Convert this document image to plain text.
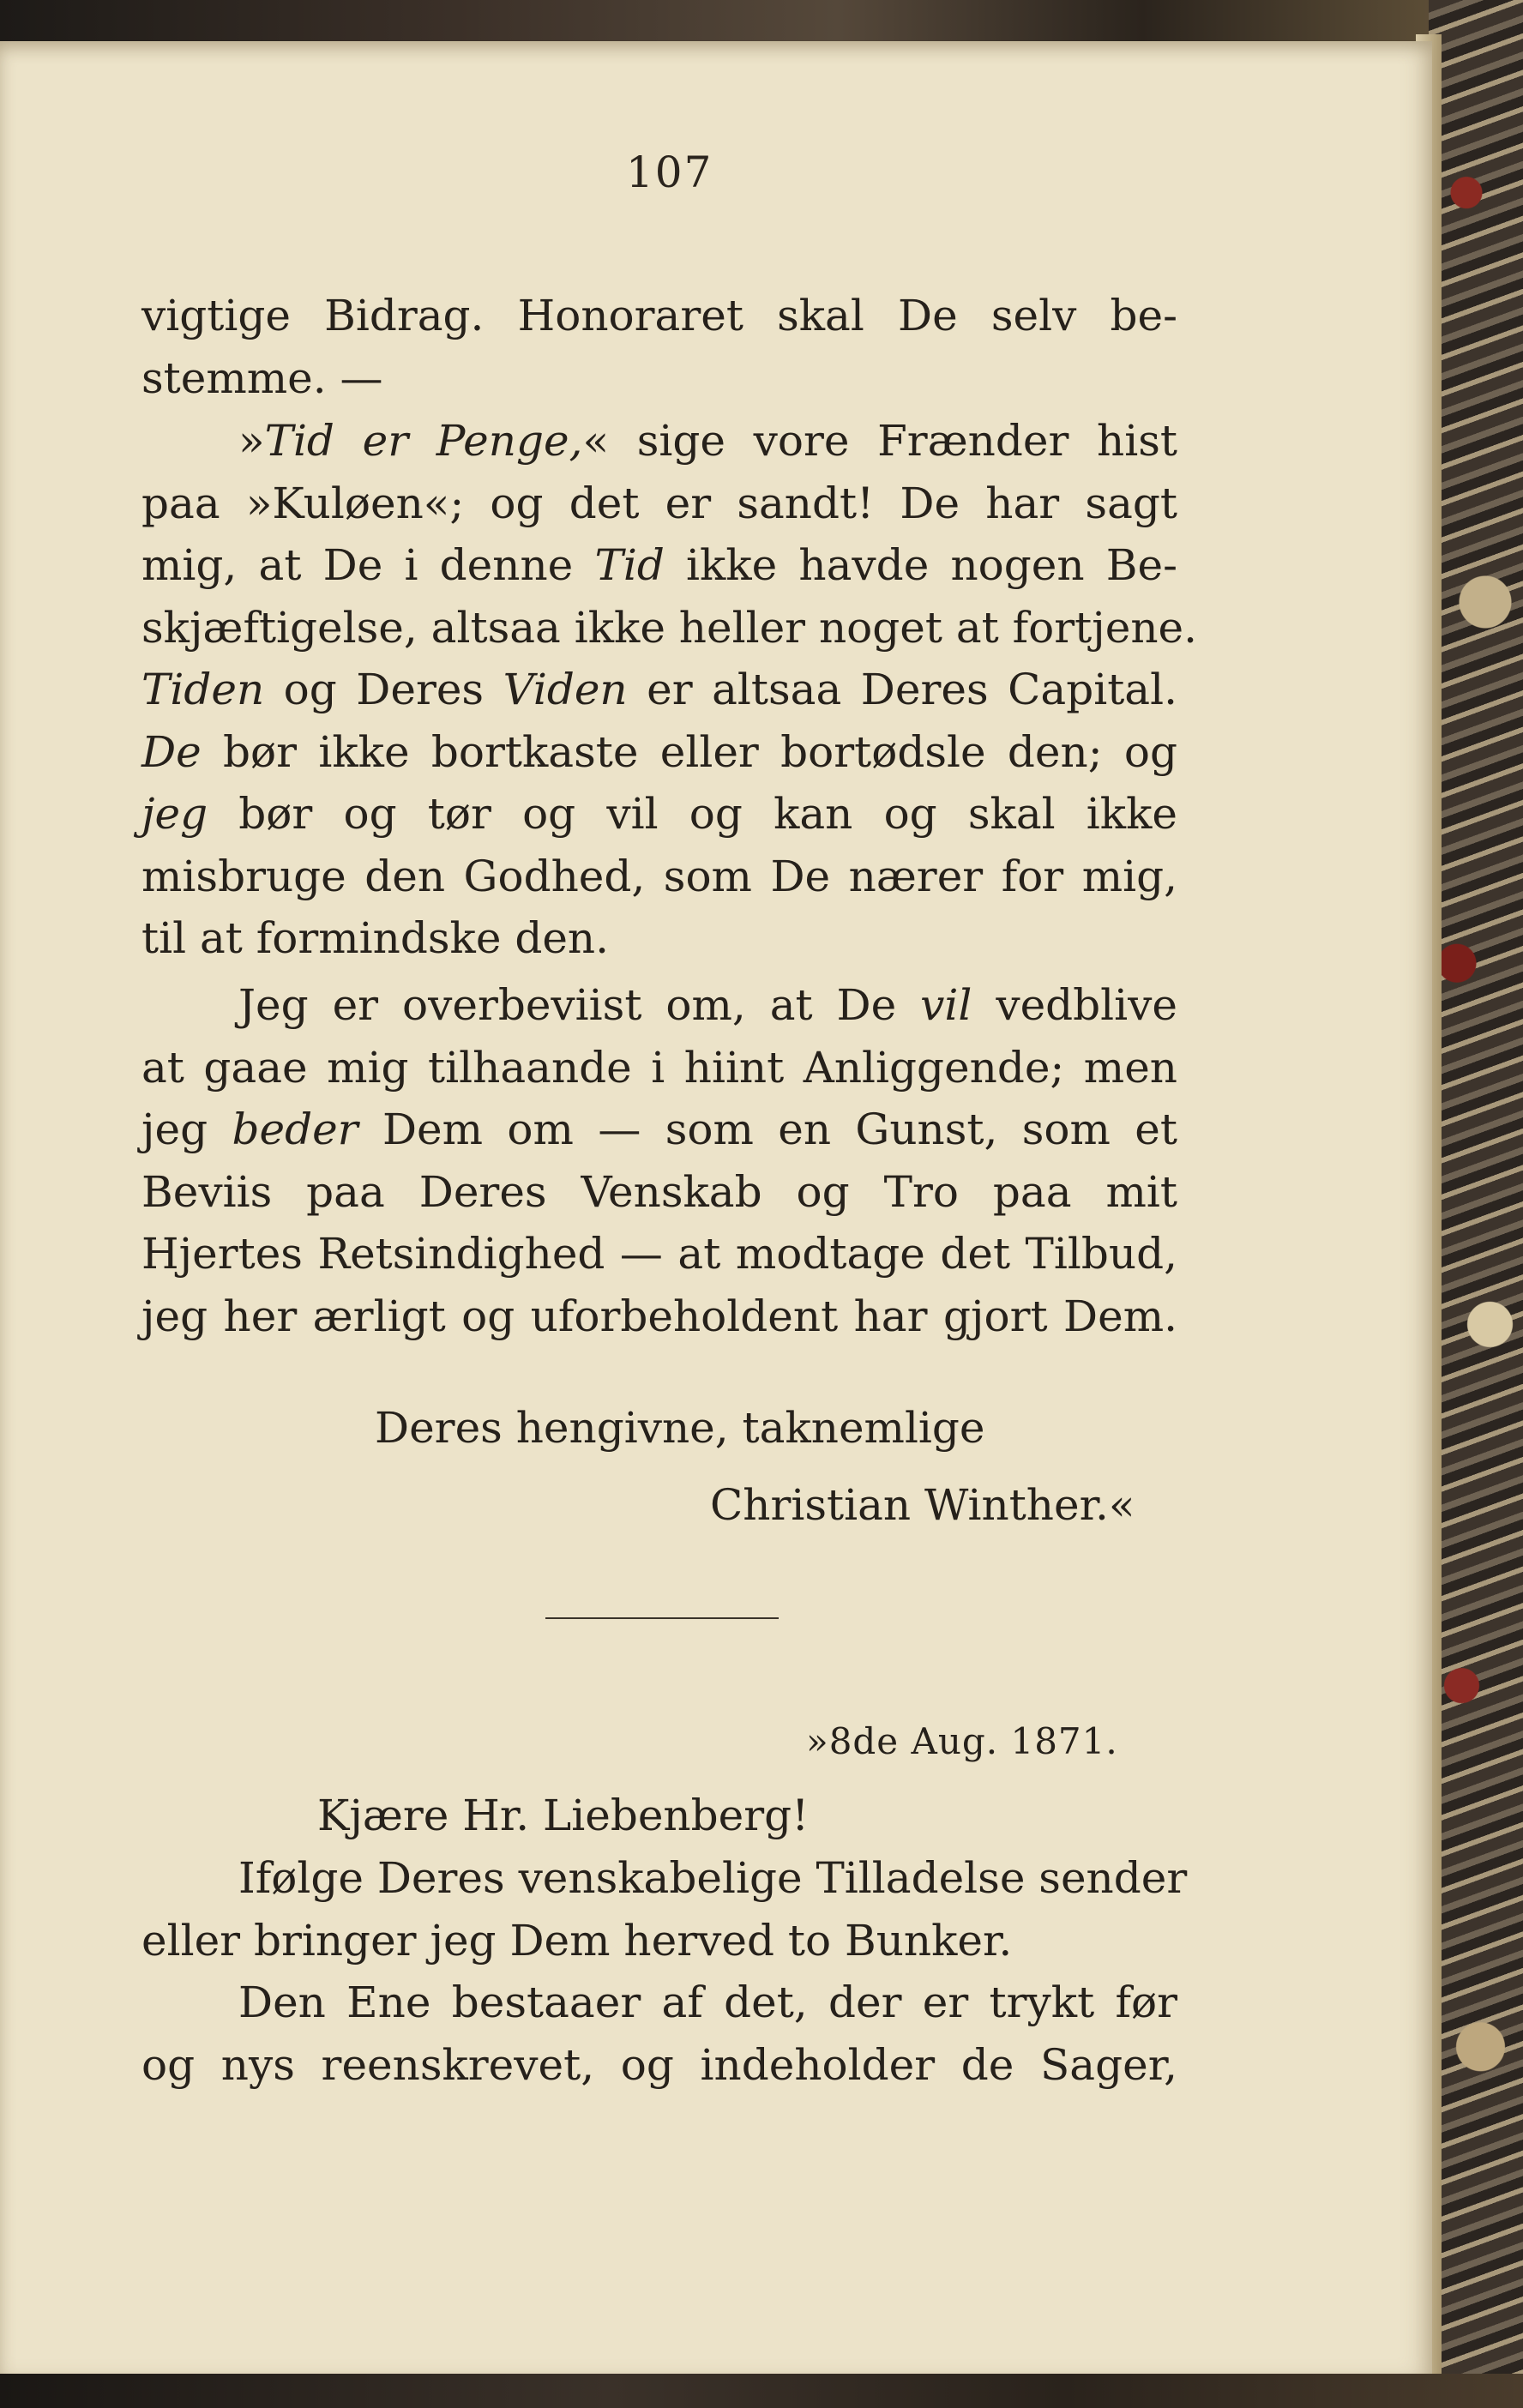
107
vigtige Bidrag. Honoraret skal De selv be-
stemme. —
»Tid er Penge,« sige vore Frænder hist
paa »Kuløen«; og det er sandt! De har sagt
mig, at De i denne Tid ikke havde nogen Be-
skjæftigelse, altsaa ikke heller noget at fortjene.
Tiden og Deres Viden er altsaa Deres Capital.
De bør ikke bortkaste eller bortødsle den; og
jeg bør og tør og vil og kan og skal ikke
misbruge den Godhed, som De nærer for mig,
til at formindske den.
Jeg er overbeviist om, at De vil vedblive
at gaae mig tilhaande i hiint Anliggende; men
jeg beder Dem om — som en Gunst, som et
Beviis paa Deres Venskab og Tro paa mit
Hjertes Retsindighed — at modtage det Tilbud,
jeg her ærligt og uforbeholdent har gjort Dem.
Ifølge Deres venskabelige Tilladelse sender
eller bringer jeg Dem herved to Bunker.
Den Ene bestaaer af det, der er trykt før
og nys reenskrevet, og indeholder de Sager,
Deres hengivne, taknemlige
Christian Winther.«
»8de Aug. 1871.
Kjære Hr. Liebenberg!
